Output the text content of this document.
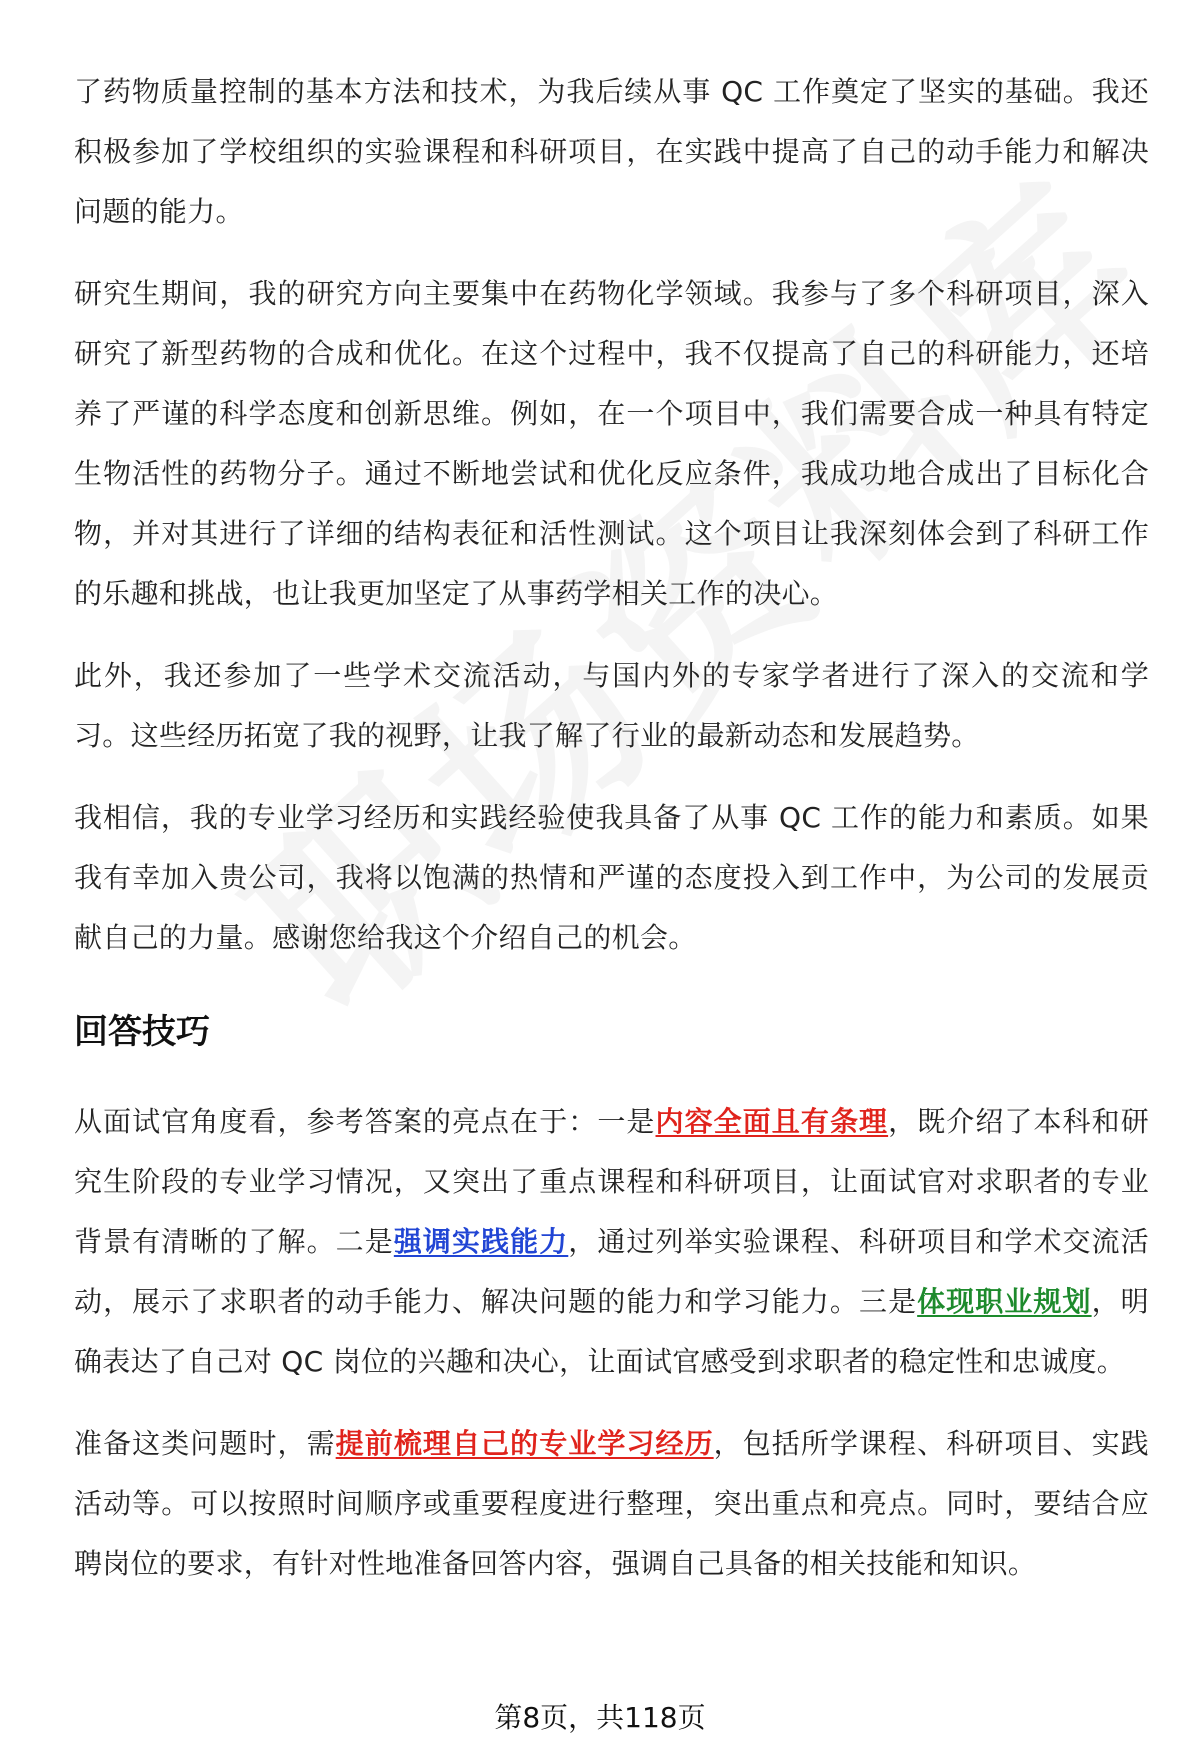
了药物质量控制的基本方法和技术，为我后续从事 QC 工作奠定了坚实的基础。我还积极参加了学校组织的实验课程和科研项目，在实践中提高了自己的动手能力和解决问题的能力。

研究生期间，我的研究方向主要集中在药物化学领域。我参与了多个科研项目，深入研究了新型药物的合成和优化。在这个过程中，我不仅提高了自己的科研能力，还培养了严谨的科学态度和创新思维。例如，在一个项目中，我们需要合成一种具有特定生物活性的药物分子。通过不断地尝试和优化反应条件，我成功地合成出了目标化合物，并对其进行了详细的结构表征和活性测试。这个项目让我深刻体会到了科研工作的乐趣和挑战，也让我更加坚定了从事药学相关工作的决心。

此外，我还参加了一些学术交流活动，与国内外的专家学者进行了深入的交流和学习。这些经历拓宽了我的视野，让我了解了行业的最新动态和发展趋势。

我相信，我的专业学习经历和实践经验使我具备了从事 QC 工作的能力和素质。如果我有幸加入贵公司，我将以饱满的热情和严谨的态度投入到工作中，为公司的发展贡献自己的力量。感谢您给我这个介绍自己的机会。

回答技巧

从面试官角度看，参考答案的亮点在于：一是内容全面且有条理，既介绍了本科和研究生阶段的专业学习情况，又突出了重点课程和科研项目，让面试官对求职者的专业背景有清晰的了解。二是强调实践能力，通过列举实验课程、科研项目和学术交流活动，展示了求职者的动手能力、解决问题的能力和学习能力。三是体现职业规划，明确表达了自己对 QC 岗位的兴趣和决心，让面试官感受到求职者的稳定性和忠诚度。

准备这类问题时，需提前梳理自己的专业学习经历，包括所学课程、科研项目、实践活动等。可以按照时间顺序或重要程度进行整理，突出重点和亮点。同时，要结合应聘岗位的要求，有针对性地准备回答内容，强调自己具备的相关技能和知识。

第8页，共118页
